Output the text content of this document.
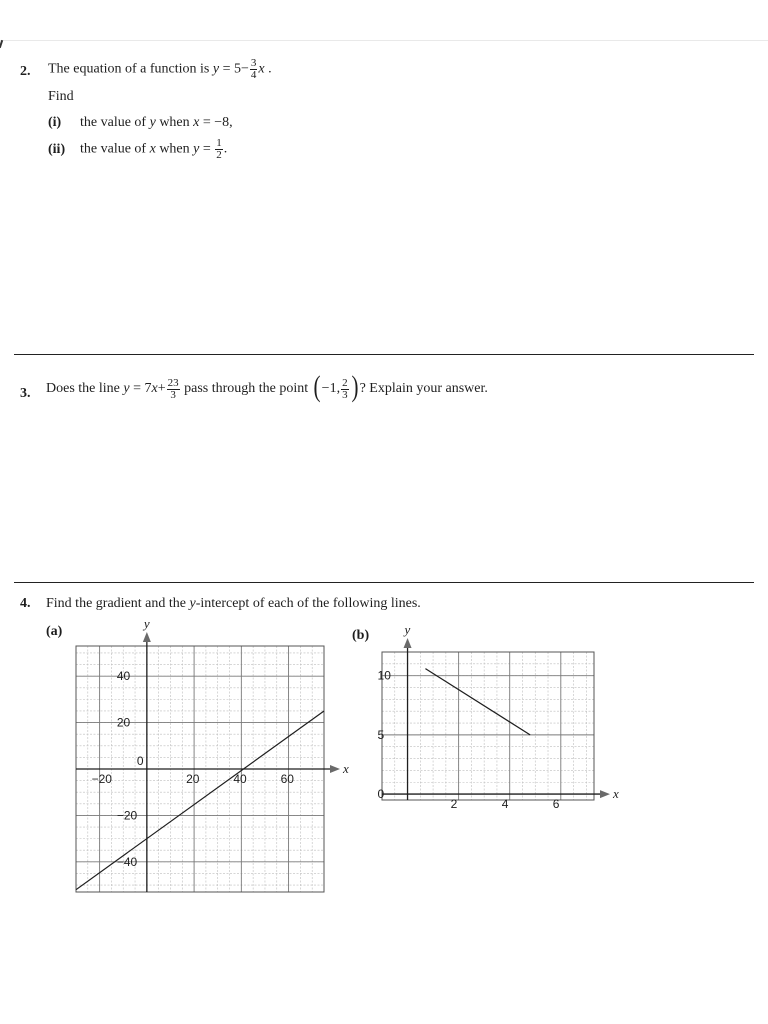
2. The equation of a function is $y = 5- \frac{3}{4}$ x .
Find
(i) the value of y when x = −8,
(ii) the value of x when $y = \frac{1}{2}$ .
3. Does the line $y = 7x+ \frac{23}{3}$ pass through the point ( −1, $\frac{2}{3}$ ) ? Explain your answer.
4. Find the gradient and the y-intercept of each of the following lines.
(a)	(b)
x
y
−20
0
20	40	60
40
20
−20
−40
x
y
2	4	6
10
5
0
